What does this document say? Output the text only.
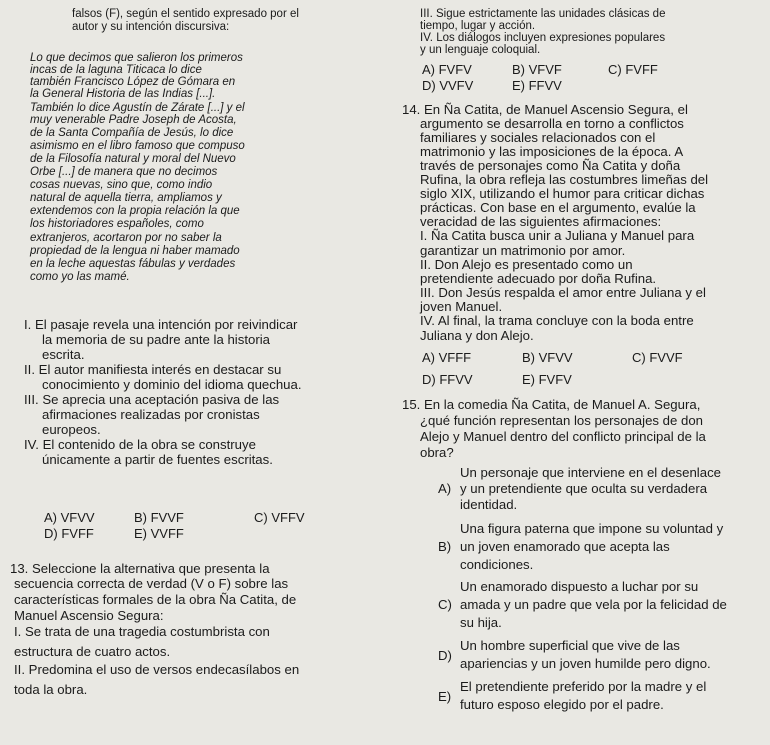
falsos (F), según el sentido expresado por el
autor y su intención discursiva:
Lo que decimos que salieron los primeros
incas de la laguna Titicaca lo dice
también Francisco López de Gómara en
la General Historia de las Indias [...].
También lo dice Agustín de Zárate [...] y el
muy venerable Padre Joseph de Acosta,
de la Santa Compañía de Jesús, lo dice
asimismo en el libro famoso que compuso
de la Filosofía natural y moral del Nuevo
Orbe [...] de manera que no decimos
cosas nuevas, sino que, como indio
natural de aquella tierra, ampliamos y
extendemos con la propia relación la que
los historiadores españoles, como
extranjeros, acortaron por no saber la
propiedad de la lengua ni haber mamado
en la leche aquestas fábulas y verdades
como yo las mamé.
I. El pasaje revela una intención por reivindicar
la memoria de su padre ante la historia
escrita.
II. El autor manifiesta interés en destacar su
conocimiento y dominio del idioma quechua.
III. Se aprecia una aceptación pasiva de las
afirmaciones realizadas por cronistas
europeos.
IV. El contenido de la obra se construye
únicamente a partir de fuentes escritas.
A) VFVV	B) FVVF	C) VFFV
D) FVFF	E) VVFF
13. Seleccione la alternativa que presenta la
secuencia correcta de verdad (V o F) sobre las
características formales de la obra Ña Catita, de
Manuel Ascensio Segura:
I. Se trata de una tragedia costumbrista con
estructura de cuatro actos.
II. Predomina el uso de versos endecasílabos en
toda la obra.
III. Sigue estrictamente las unidades clásicas de
tiempo, lugar y acción.
IV. Los diálogos incluyen expresiones populares
y un lenguaje coloquial.
A) FVFV	B) VFVF	C) FVFF
D) VVFV	E) FFVV
14. En Ña Catita, de Manuel Ascensio Segura, el
argumento se desarrolla en torno a conflictos
familiares y sociales relacionados con el
matrimonio y las imposiciones de la época. A
través de personajes como Ña Catita y doña
Rufina, la obra refleja las costumbres limeñas del
siglo XIX, utilizando el humor para criticar dichas
prácticas. Con base en el argumento, evalúe la
veracidad de las siguientes afirmaciones:
I. Ña Catita busca unir a Juliana y Manuel para
garantizar un matrimonio por amor.
II. Don Alejo es presentado como un
pretendiente adecuado por doña Rufina.
III. Don Jesús respalda el amor entre Juliana y el
joven Manuel.
IV. Al final, la trama concluye con la boda entre
Juliana y don Alejo.
A) VFFF	B) VFVV	C) FVVF
D) FFVV	E) FVFV
15. En la comedia Ña Catita, de Manuel A. Segura,
¿qué función representan los personajes de don
Alejo y Manuel dentro del conflicto principal de la
obra?
A)
Un personaje que interviene en el desenlace
y un pretendiente que oculta su verdadera
identidad.
B)
Una figura paterna que impone su voluntad y
un joven enamorado que acepta las
condiciones.
C)
Un enamorado dispuesto a luchar por su
amada y un padre que vela por la felicidad de
su hija.
D)
Un hombre superficial que vive de las
apariencias y un joven humilde pero digno.
E)
El pretendiente preferido por la madre y el
futuro esposo elegido por el padre.
